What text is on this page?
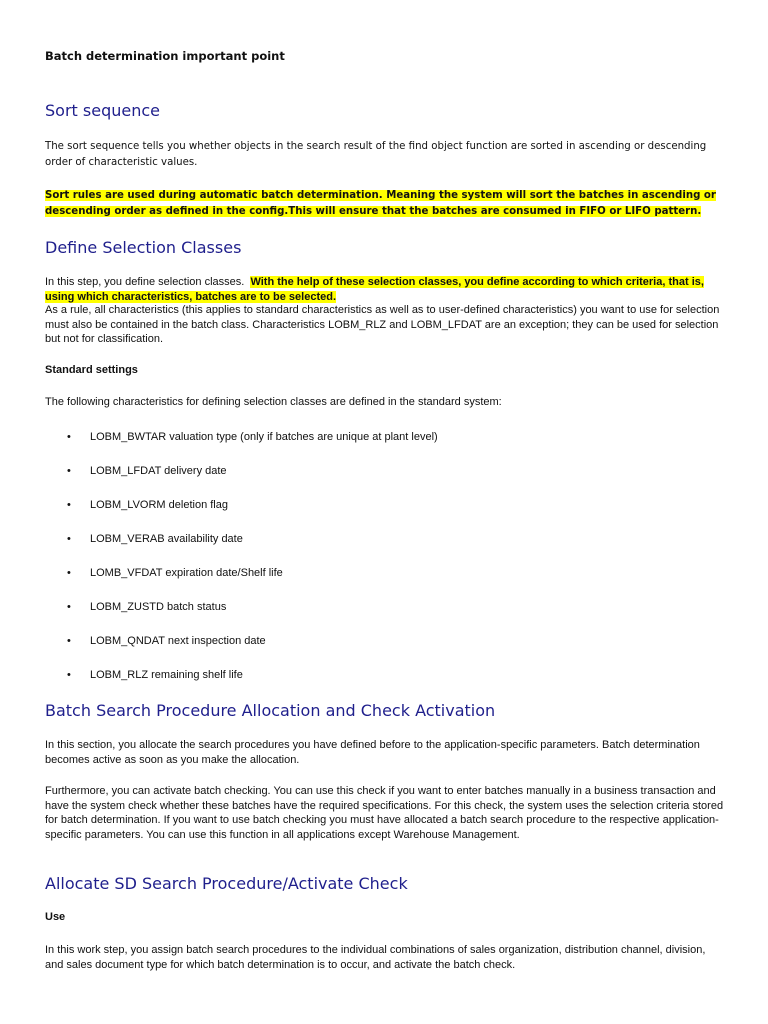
Batch determination important point
Sort sequence

The sort sequence tells you whether objects in the search result of the find object function are sorted in ascending or descending order of characteristic values.

Sort rules are used during automatic batch determination. Meaning the system will sort the batches in ascending or descending order as defined in the config.This will ensure that the batches are consumed in FIFO or LIFO pattern.

Define Selection Classes

In this step, you define selection classes. With the help of these selection classes, you define according to which criteria, that is, using which characteristics, batches are to be selected.

As a rule, all characteristics (this applies to standard characteristics as well as to user-defined characteristics) you want to use for selection must also be contained in the batch class. Characteristics LOBM_RLZ and LOBM_LFDAT are an exception; they can be used for selection but not for classification.

Standard settings

The following characteristics for defining selection classes are defined in the standard system:

• LOBM_BWTAR valuation type (only if batches are unique at plant level)
• LOBM_LFDAT delivery date
• LOBM_LVORM deletion flag
• LOBM_VERAB availability date
• LOMB_VFDAT expiration date/Shelf life
• LOBM_ZUSTD batch status
• LOBM_QNDAT next inspection date
• LOBM_RLZ remaining shelf life
Batch Search Procedure Allocation and Check Activation

In this section, you allocate the search procedures you have defined before to the application-specific parameters. Batch determination becomes active as soon as you make the allocation.

Furthermore, you can activate batch checking. You can use this check if you want to enter batches manually in a business transaction and have the system check whether these batches have the required specifications. For this check, the system uses the selection criteria stored for batch determination. If you want to use batch checking you must have allocated a batch search procedure to the respective application-specific parameters. You can use this function in all applications except Warehouse Management.

Allocate SD Search Procedure/Activate Check
Use

In this work step, you assign batch search procedures to the individual combinations of sales organization, distribution channel, division, and sales document type for which batch determination is to occur, and activate the batch check.
